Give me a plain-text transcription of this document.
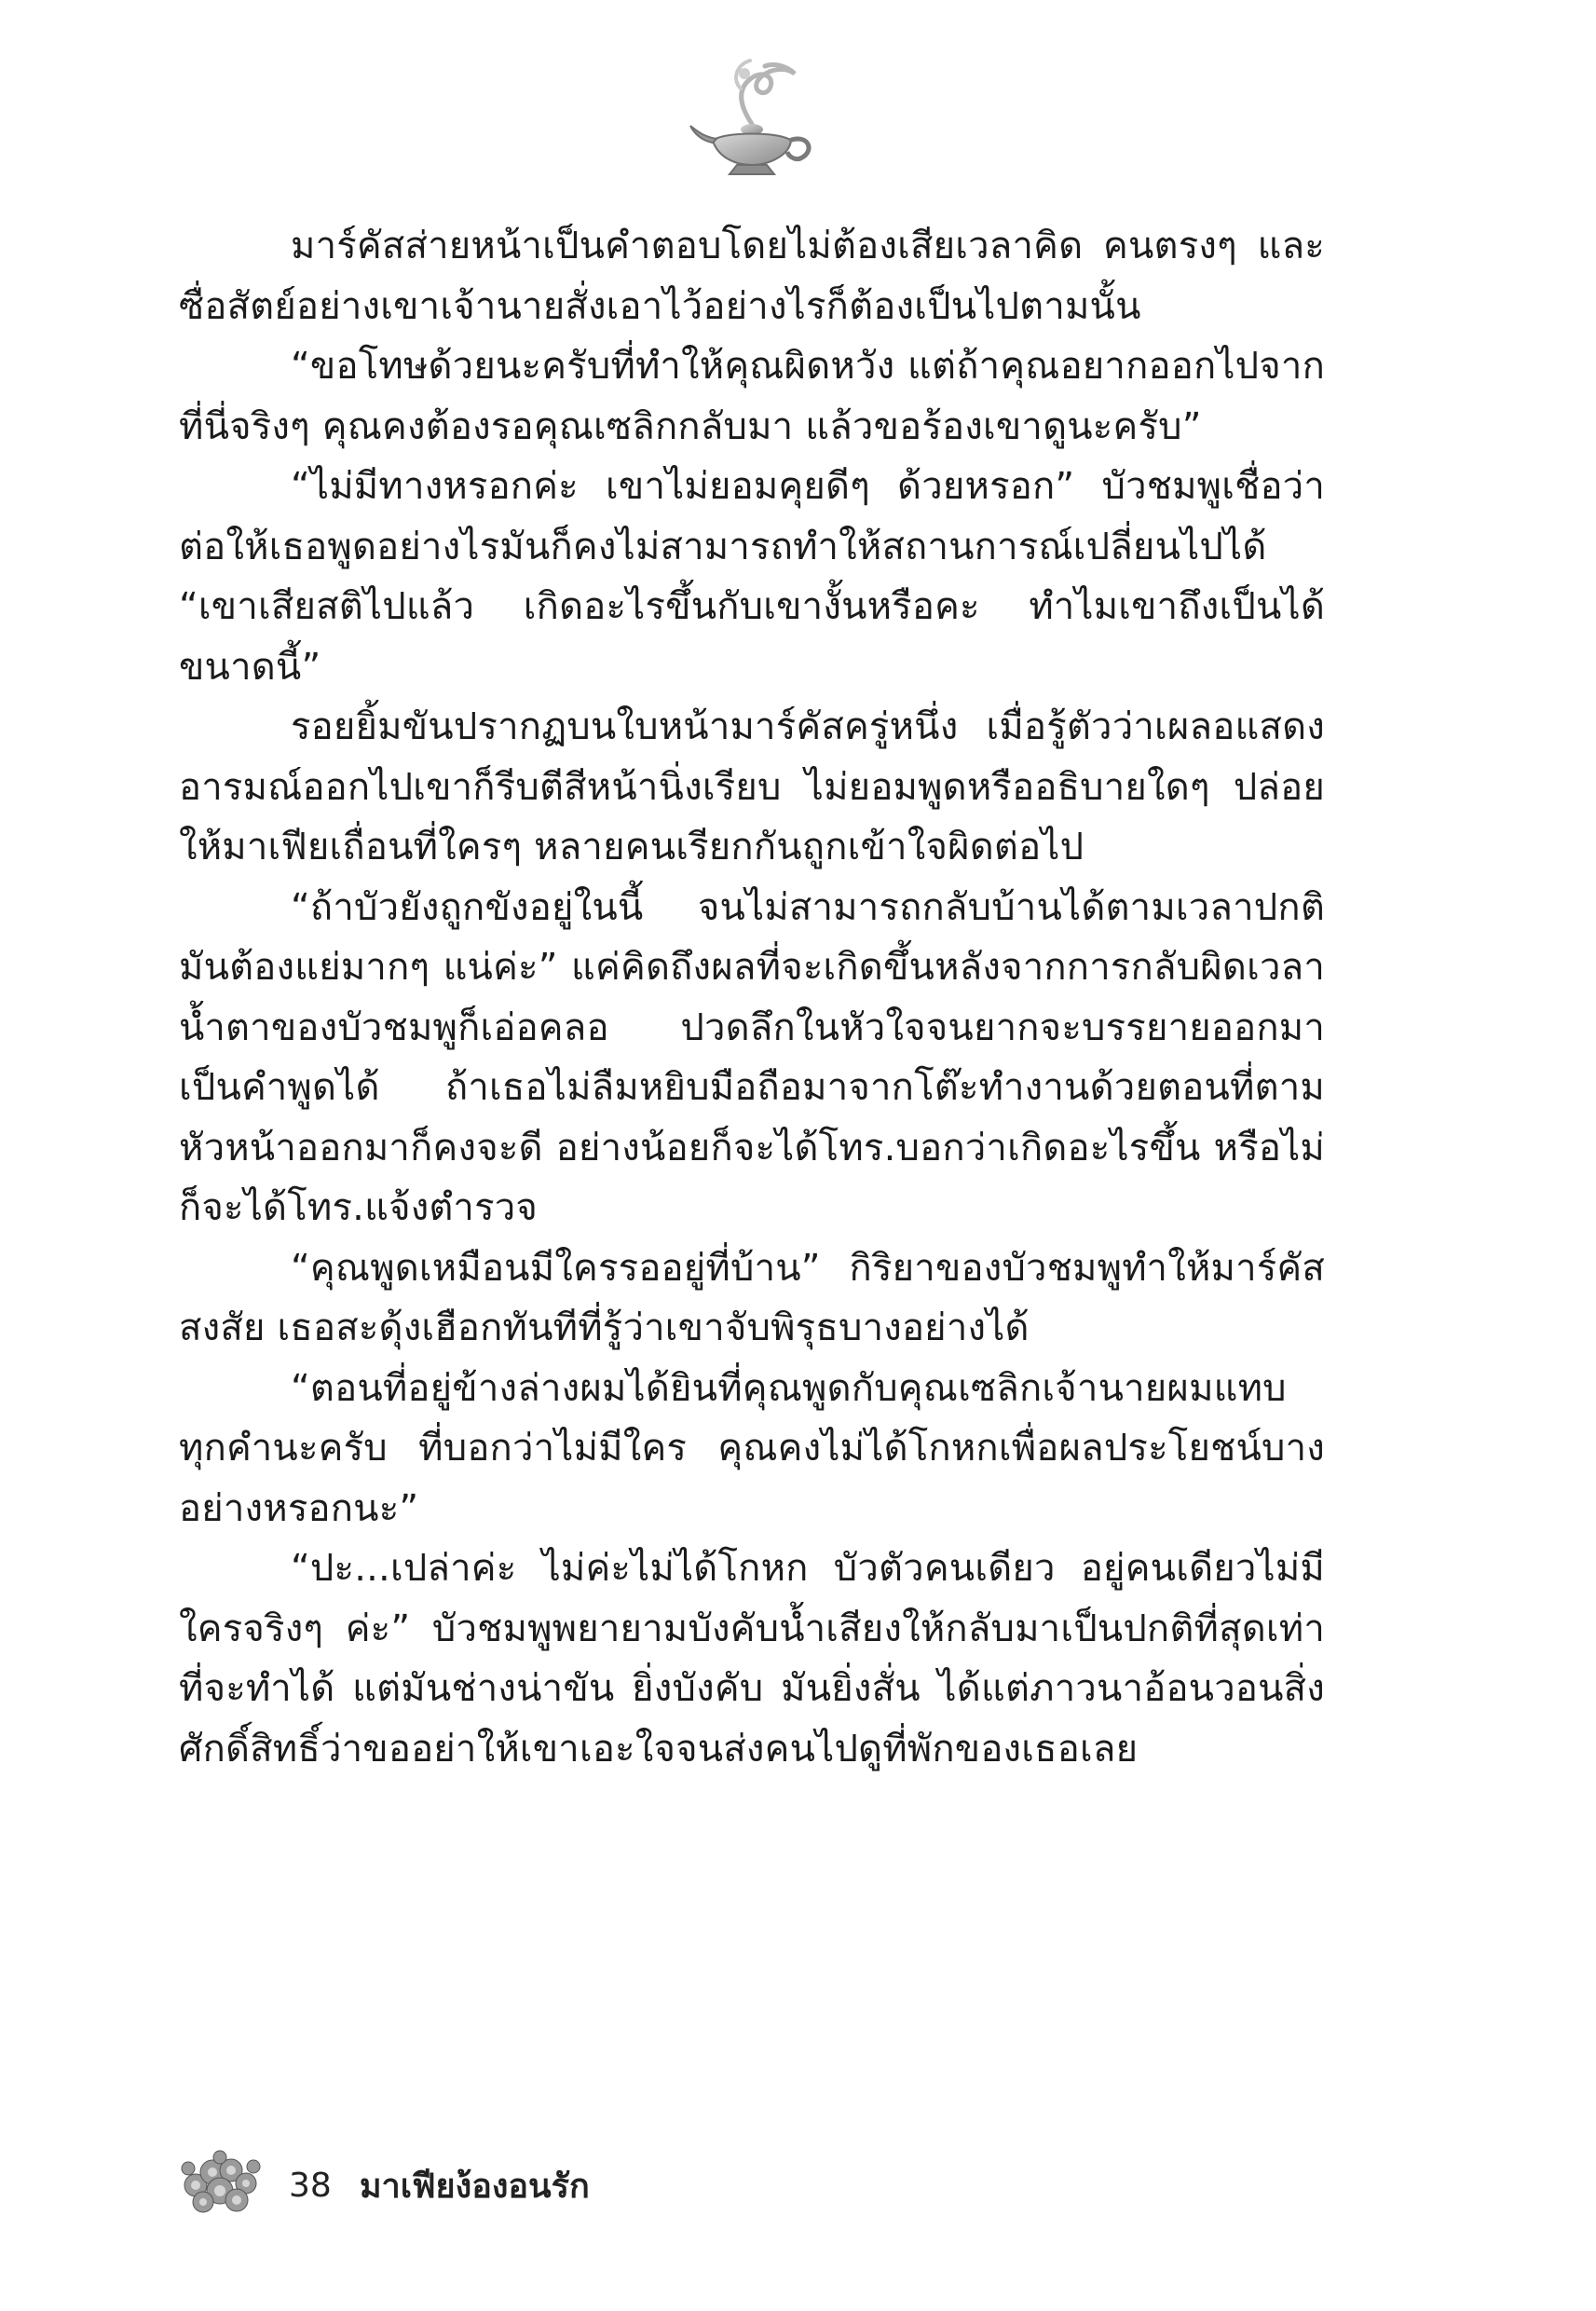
มาร์คัสส่ายหน้าเป็นคำตอบโดยไม่ต้องเสียเวลาคิด คนตรงๆ และซื่อสัตย์อย่างเขาเจ้านายสั่งเอาไว้อย่างไรก็ต้องเป็นไปตามนั้น

“ขอโทษด้วยนะครับที่ทำให้คุณผิดหวัง แต่ถ้าคุณอยากออกไปจากที่นี่จริงๆ คุณคงต้องรอคุณเซลิกกลับมา แล้วขอร้องเขาดูนะครับ”

“ไม่มีทางหรอกค่ะ เขาไม่ยอมคุยดีๆ ด้วยหรอก” บัวชมพูเชื่อว่าต่อให้เธอพูดอย่างไรมันก็คงไม่สามารถทำให้สถานการณ์เปลี่ยนไปได้ “เขาเสียสติไปแล้ว เกิดอะไรขึ้นกับเขางั้นหรือคะ ทำไมเขาถึงเป็นได้ขนาดนี้”

รอยยิ้มขันปรากฏบนใบหน้ามาร์คัสครู่หนึ่ง เมื่อรู้ตัวว่าเผลอแสดงอารมณ์ออกไปเขาก็รีบตีสีหน้านิ่งเรียบ ไม่ยอมพูดหรืออธิบายใดๆ ปล่อยให้มาเฟียเถื่อนที่ใครๆ หลายคนเรียกกันถูกเข้าใจผิดต่อไป

“ถ้าบัวยังถูกขังอยู่ในนี้ จนไม่สามารถกลับบ้านได้ตามเวลาปกติมันต้องแย่มากๆ แน่ค่ะ” แค่คิดถึงผลที่จะเกิดขึ้นหลังจากการกลับผิดเวลา น้ำตาของบัวชมพูก็เอ่อคลอ ปวดลึกในหัวใจจนยากจะบรรยายออกมาเป็นคำพูดได้ ถ้าเธอไม่ลืมหยิบมือถือมาจากโต๊ะทำงานด้วยตอนที่ตามหัวหน้าออกมาก็คงจะดี อย่างน้อยก็จะได้โทร.บอกว่าเกิดอะไรขึ้น หรือไม่ก็จะได้โทร.แจ้งตำรวจ

“คุณพูดเหมือนมีใครรออยู่ที่บ้าน” กิริยาของบัวชมพูทำให้มาร์คัสสงสัย เธอสะดุ้งเฮือกทันทีที่รู้ว่าเขาจับพิรุธบางอย่างได้

“ตอนที่อยู่ข้างล่างผมได้ยินที่คุณพูดกับคุณเซลิกเจ้านายผมแทบทุกคำนะครับ ที่บอกว่าไม่มีใคร คุณคงไม่ได้โกหกเพื่อผลประโยชน์บางอย่างหรอกนะ”

“ปะ...เปล่าค่ะ ไม่ค่ะไม่ได้โกหก บัวตัวคนเดียว อยู่คนเดียวไม่มีใครจริงๆ ค่ะ” บัวชมพูพยายามบังคับน้ำเสียงให้กลับมาเป็นปกติที่สุดเท่าที่จะทำได้ แต่มันช่างน่าขัน ยิ่งบังคับ มันยิ่งสั่น ได้แต่ภาวนาอ้อนวอนสิ่งศักดิ์สิทธิ์ว่าขออย่าให้เขาเอะใจจนส่งคนไปดูที่พักของเธอเลย

38 มาเฟียง้องอนรัก
